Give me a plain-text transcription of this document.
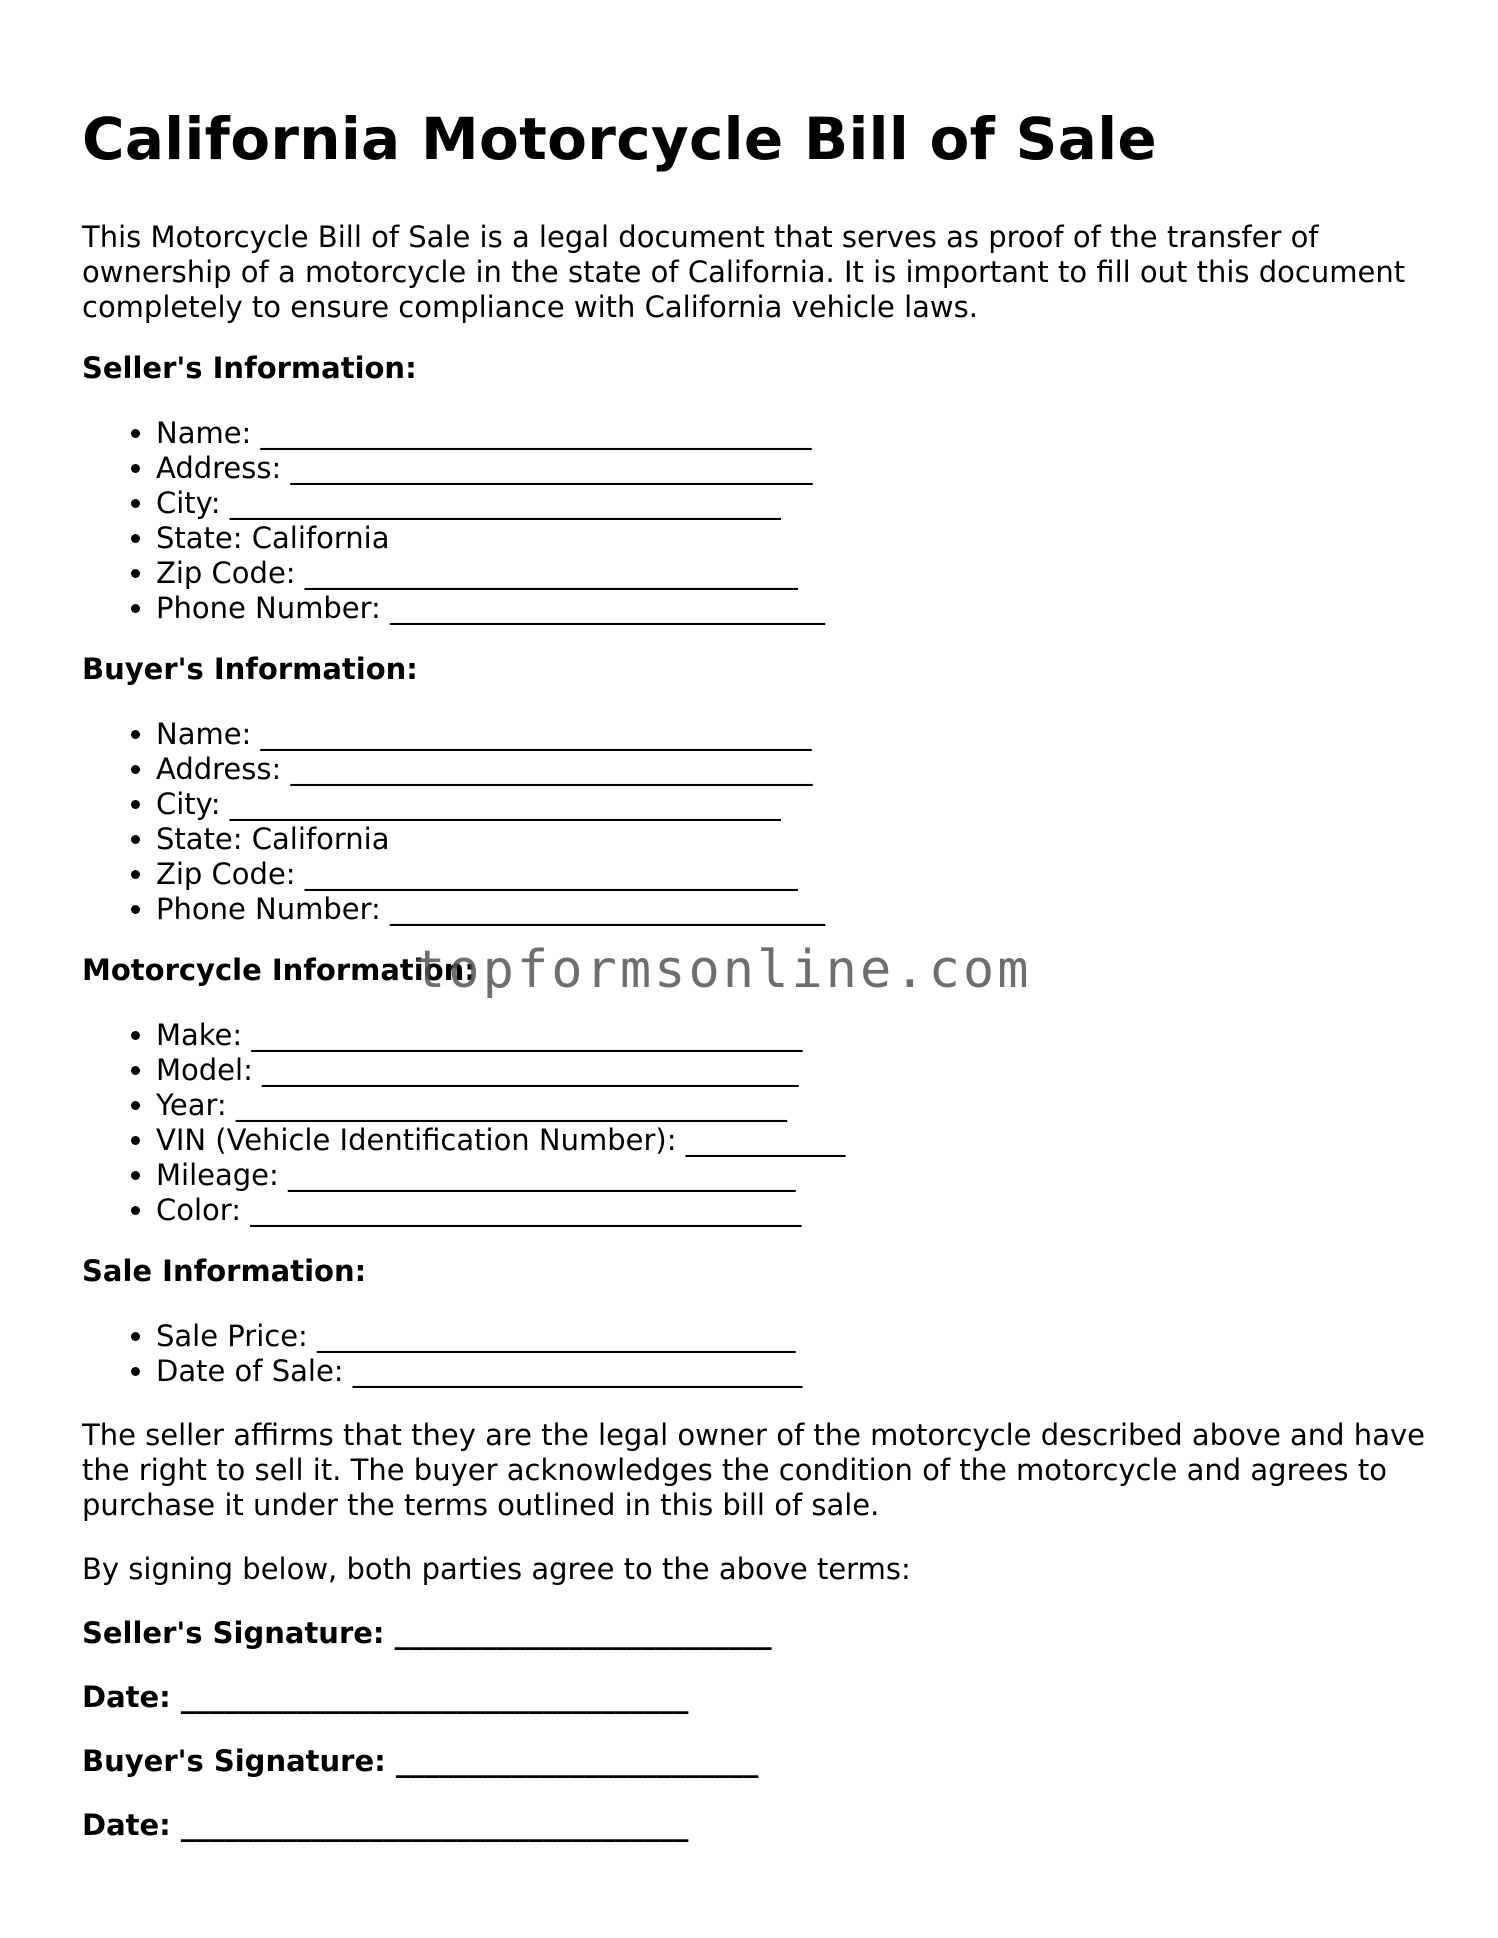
California Motorcycle Bill of Sale

This Motorcycle Bill of Sale is a legal document that serves as proof of the transfer of ownership of a motorcycle in the state of California. It is important to fill out this document completely to ensure compliance with California vehicle laws.

Seller's Information:
• Name: ______________________________________
• Address: ____________________________________
• City: ______________________________________
• State: California
• Zip Code: __________________________________
• Phone Number: ______________________________
Buyer's Information:
• Name: ______________________________________
• Address: ____________________________________
• City: ______________________________________
• State: California
• Zip Code: __________________________________
• Phone Number: ______________________________
Motorcycle Information:
• Make: ______________________________________
• Model: _____________________________________
• Year: ______________________________________
• VIN (Vehicle Identification Number): ___________
• Mileage: ___________________________________
• Color: ______________________________________
Sale Information:
• Sale Price: _________________________________
• Date of Sale: _______________________________

The seller affirms that they are the legal owner of the motorcycle described above and have the right to sell it. The buyer acknowledges the condition of the motorcycle and agrees to purchase it under the terms outlined in this bill of sale.

By signing below, both parties agree to the above terms:

Seller's Signature: __________________________

Date: ___________________________________

Buyer's Signature: _________________________

Date: ___________________________________

topformsonline.com
